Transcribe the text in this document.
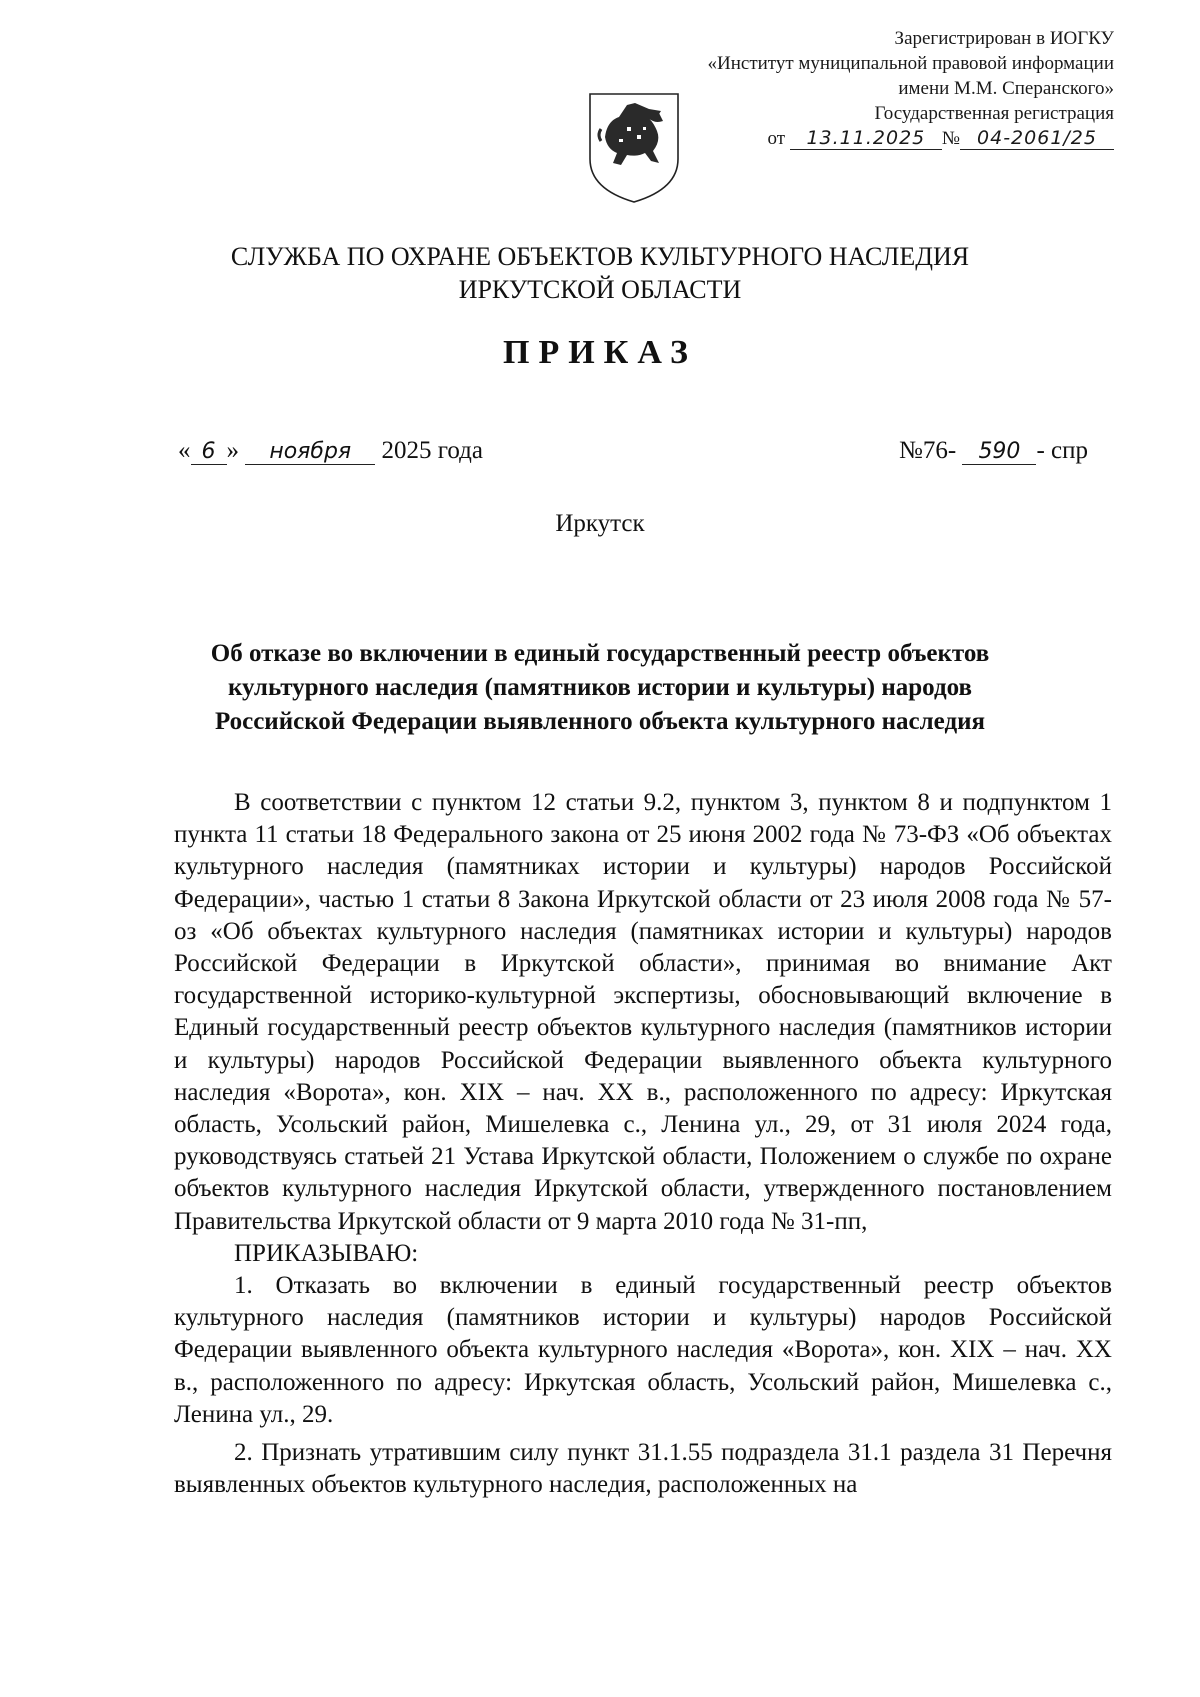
Зарегистрирован в ИОГКУ
«Институт муниципальной правовой информации
имени М.М. Сперанского»
Государственная регистрация
от 13.11.2025 № 04-2061/25
СЛУЖБА ПО ОХРАНЕ ОБЪЕКТОВ КУЛЬТУРНОГО НАСЛЕДИЯ
ИРКУТСКОЙ ОБЛАСТИ
ПРИКАЗ
« 6 » ноября 2025 года	№76- 590 - спр
Иркутск
Об отказе во включении в единый государственный реестр объектов культурного наследия (памятников истории и культуры) народов Российской Федерации выявленного объекта культурного наследия

В соответствии с пунктом 12 статьи 9.2, пунктом 3, пунктом 8 и подпунктом 1 пункта 11 статьи 18 Федерального закона от 25 июня 2002 года № 73-ФЗ «Об объектах культурного наследия (памятниках истории и культуры) народов Российской Федерации», частью 1 статьи 8 Закона Иркутской области от 23 июля 2008 года № 57-оз «Об объектах культурного наследия (памятниках истории и культуры) народов Российской Федерации в Иркутской области», принимая во внимание Акт государственной историко-культурной экспертизы, обосновывающий включение в Единый государственный реестр объектов культурного наследия (памятников истории и культуры) народов Российской Федерации выявленного объекта культурного наследия «Ворота», кон. XIX – нач. XX в., расположенного по адресу: Иркутская область, Усольский район, Мишелевка с., Ленина ул., 29, от 31 июля 2024 года, руководствуясь статьей 21 Устава Иркутской области, Положением о службе по охране объектов культурного наследия Иркутской области, утвержденного постановлением Правительства Иркутской области от 9 марта 2010 года № 31-пп,

ПРИКАЗЫВАЮ:

1. Отказать во включении в единый государственный реестр объектов культурного наследия (памятников истории и культуры) народов Российской Федерации выявленного объекта культурного наследия «Ворота», кон. XIX – нач. XX в., расположенного по адресу: Иркутская область, Усольский район, Мишелевка с., Ленина ул., 29.

2. Признать утратившим силу пункт 31.1.55 подраздела 31.1 раздела 31 Перечня выявленных объектов культурного наследия, расположенных на
